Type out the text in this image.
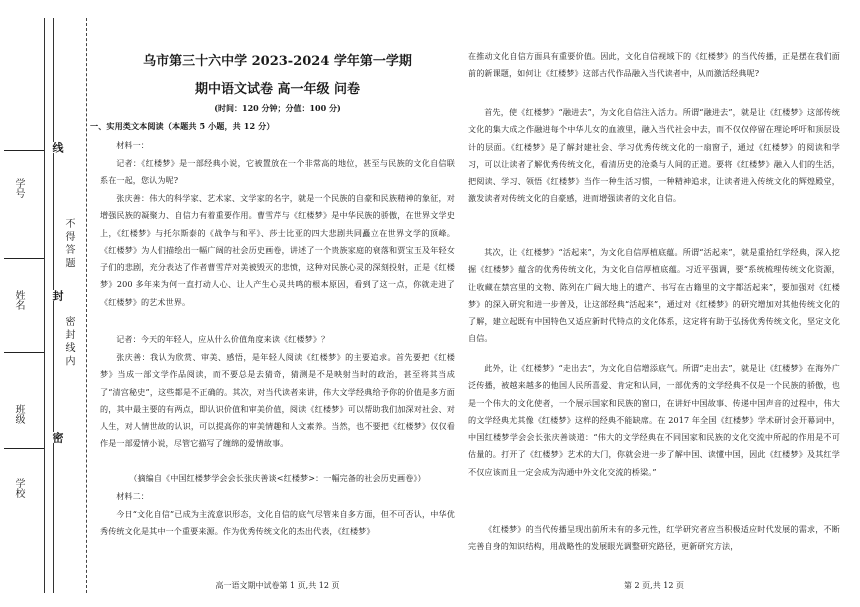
学号
姓名
班级
学校
线
封
密
不 得 答 题
密 封 线 内
乌市第三十六中学 2023-2024 学年第一学期
期中语文试卷 高一年级 问卷
(时间：120 分钟；分值：100 分)
一、实用类文本阅读（本题共 5 小题，共 12 分）
材料一：
记者：《红楼梦》是一部经典小说，它被置放在一个非常高的地位，甚至与民族的文化自信联系在一起，您认为呢?
张庆善：伟大的科学家、艺术家、文学家的名字，就是一个民族的自豪和民族精神的象征，对增强民族的凝聚力、自信力有着重要作用。曹雪芹与《红楼梦》是中华民族的骄傲，在世界文学史上，《红楼梦》与托尔斯泰的《战争与和平》、莎士比亚的四大悲剧共同矗立在世界文学的顶峰。《红楼梦》为人们描绘出一幅广阔的社会历史画卷，讲述了一个贵族家庭的衰落和贾宝玉及年轻女子们的悲剧，充分表达了作者曹雪芹对美被毁灭的悲愤，这种对民族心灵的深刻投射，正是《红楼梦》200 多年来为何一直打动人心、让人产生心灵共鸣的根本原因，看到了这一点，你就走进了《红楼梦》的艺术世界。
记者：今天的年轻人，应从什么价值角度来读《红楼梦》？
张庆善：我认为欣赏、审美、感悟，是年轻人阅读《红楼梦》的主要追求。首先要把《红楼梦》当成一部文学作品阅读，而不要总是去猜奇，猜测是不是映射当时的政治，甚至将其当成了“清宫秘史”，这些都是不正确的。其次，对当代读者来讲，伟大文学经典给予你的价值是多方面的，其中最主要的有两点，即认识价值和审美价值，阅读《红楼梦》可以帮助我们加深对社会、对人生，对人情世故的认识，可以提高你的审美情趣和人文素养。当然，也不要把《红楼梦》仅仅看作是一部爱情小说，尽管它描写了缠绵的爱情故事。
（摘编自《中国红楼梦学会会长张庆善谈<红楼梦>：一幅完备的社会历史画卷》）
材料二：
今日“文化自信”已成为主流意识形态，文化自信的底气尽管来自多方面，但不可否认，中华优秀传统文化是其中一个重要来源。作为优秀传统文化的杰出代表，《红楼梦》
高一语文期中试卷第 1 页,共 12 页
在推动文化自信方面具有重要价值。因此，文化自信视域下的《红楼梦》的当代传播，正是摆在我们面前的新课题，如何让《红楼梦》这部古代作品融入当代读者中，从而激活经典呢?
首先，使《红楼梦》“融进去”，为文化自信注入活力。所谓“融进去”，就是让《红楼梦》这部传统文化的集大成之作融进每个中华儿女的血液里，融入当代社会中去，而不仅仅停留在理论呼吁和顶层设计的层面。《红楼梦》是了解封建社会、学习优秀传统文化的一扇窗子，通过《红楼梦》的阅读和学习，可以让读者了解优秀传统文化，看清历史的沧桑与人间的正道。要将《红楼梦》融入人们的生活，把阅读、学习、领悟《红楼梦》当作一种生活习惯，一种精神追求，让读者进入传统文化的辉煌殿堂，激发读者对传统文化的自豪感，进而增强读者的文化自信。
其次，让《红楼梦》“活起来”，为文化自信厚植底蕴。所谓“活起来”，就是重拾红学经典，深入挖掘《红楼梦》蕴含的优秀传统文化，为文化自信厚植底蕴。习近平强调，要“系统梳理传统文化资源，让收藏在禁宫里的文物、陈列在广阔大地上的遗产、书写在古籍里的文字都活起来”，要加强对《红楼梦》的深入研究和进一步普及，让这部经典“活起来”，通过对《红楼梦》的研究增加对其他传统文化的了解，建立起既有中国特色又适应新时代特点的文化体系，这定将有助于弘扬优秀传统文化，坚定文化自信。
此外，让《红楼梦》“走出去”，为文化自信增添底气。所谓“走出去”，就是让《红楼梦》在海外广泛传播，被越来越多的他国人民所喜爱、肯定和认同，一部优秀的文学经典不仅是一个民族的骄傲，也是一个伟大的文化使者，一个展示国家和民族的窗口，在讲好中国故事、传递中国声音的过程中，伟大的文学经典尤其像《红楼梦》这样的经典不能缺席。在 2017 年全国《红楼梦》学术研讨会开幕词中，中国红楼梦学会会长张庆善谈道：“伟大的文学经典在不同国家和民族的文化交流中所起的作用是不可估量的。打开了《红楼梦》艺术的大门，你就会进一步了解中国、读懂中国，因此《红楼梦》及其红学不仅应该而且一定会成为沟通中外文化交流的桥梁。”
《红楼梦》的当代传播呈现出前所未有的多元性，红学研究者应当积极适应时代发展的需求，不断完善自身的知识结构，用战略性的发展眼光调整研究路径，更新研究方法，
第 2 页,共 12 页
